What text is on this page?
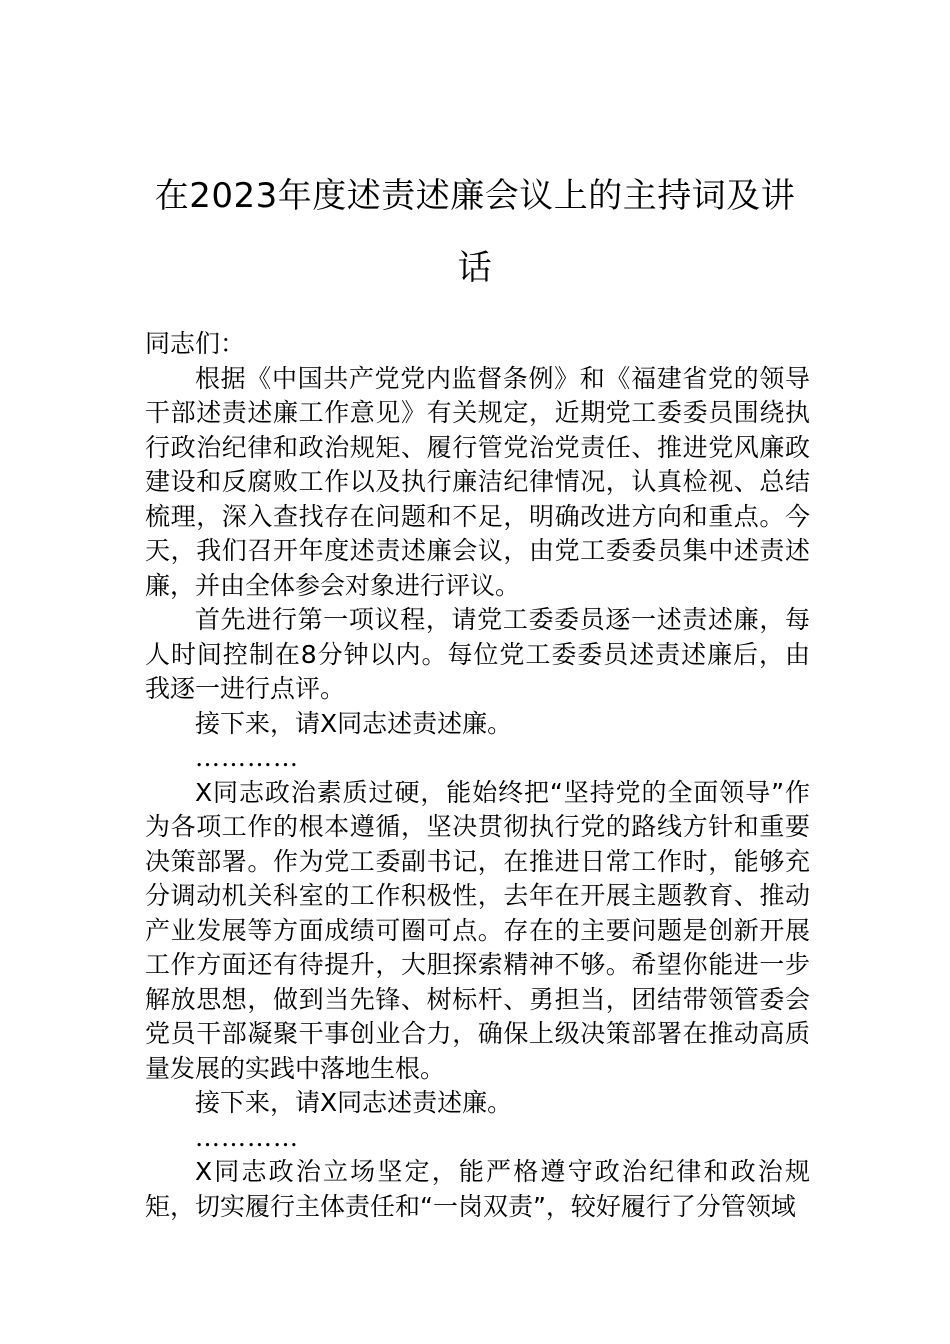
在2023年度述责述廉会议上的主持词及讲话

同志们：

根据《中国共产党党内监督条例》和《福建省党的领导干部述责述廉工作意见》有关规定，近期党工委委员围绕执行政治纪律和政治规矩、履行管党治党责任、推进党风廉政建设和反腐败工作以及执行廉洁纪律情况，认真检视、总结梳理，深入查找存在问题和不足，明确改进方向和重点。今天，我们召开年度述责述廉会议，由党工委委员集中述责述廉，并由全体参会对象进行评议。

首先进行第一项议程，请党工委委员逐一述责述廉，每人时间控制在8分钟以内。每位党工委委员述责述廉后，由我逐一进行点评。

接下来，请X同志述责述廉。

…………

X同志政治素质过硬，能始终把“坚持党的全面领导”作为各项工作的根本遵循，坚决贯彻执行党的路线方针和重要决策部署。作为党工委副书记，在推进日常工作时，能够充分调动机关科室的工作积极性，去年在开展主题教育、推动产业发展等方面成绩可圈可点。存在的主要问题是创新开展工作方面还有待提升，大胆探索精神不够。希望你能进一步解放思想，做到当先锋、树标杆、勇担当，团结带领管委会党员干部凝聚干事创业合力，确保上级决策部署在推动高质量发展的实践中落地生根。

接下来，请X同志述责述廉。

…………

X同志政治立场坚定，能严格遵守政治纪律和政治规矩，切实履行主体责任和“一岗双责”，较好履行了分管领域
